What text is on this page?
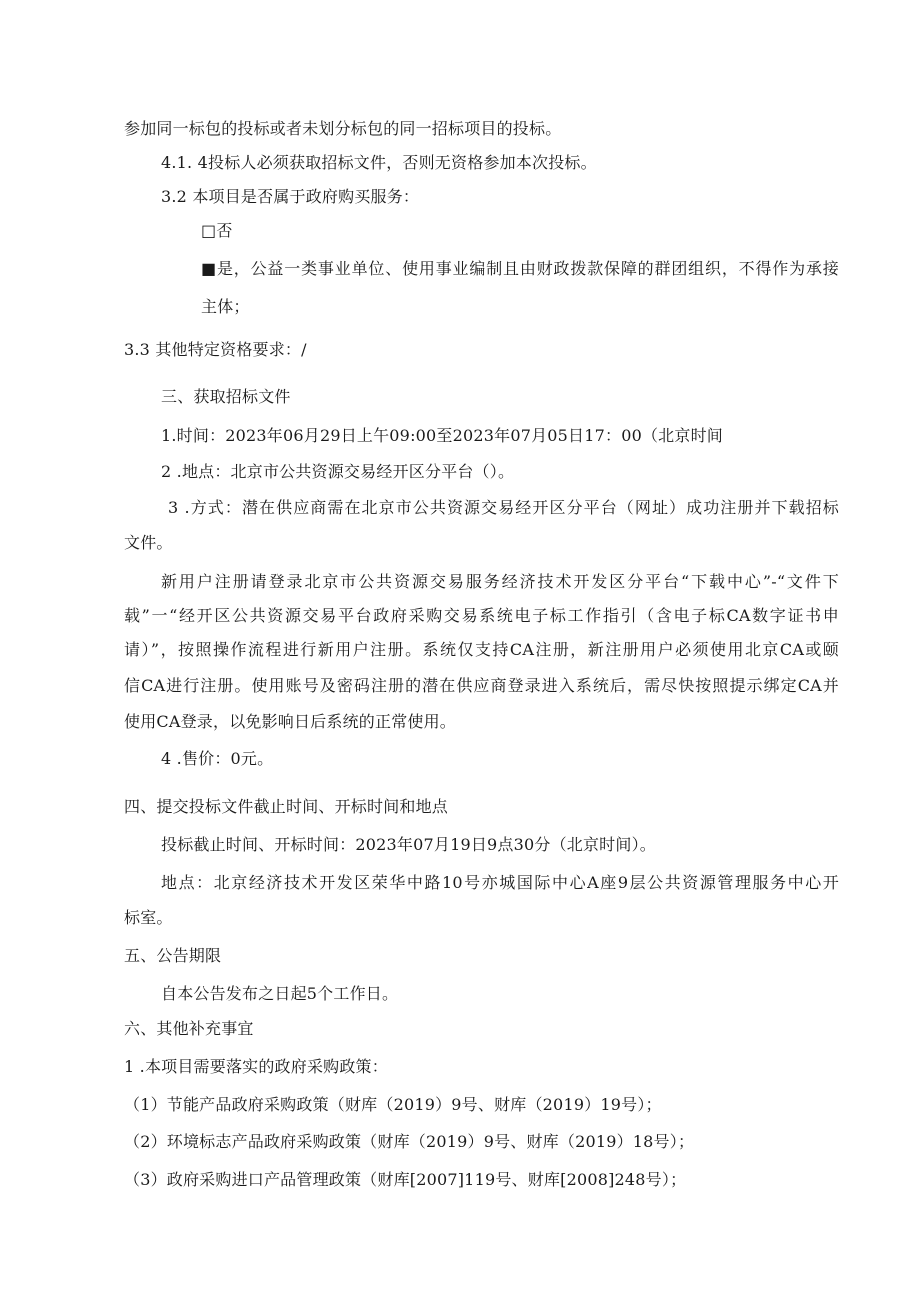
参加同一标包的投标或者未划分标包的同一招标项目的投标。
4.1. 4投标人必须获取招标文件，否则无资格参加本次投标。
3.2 本项目是否属于政府购买服务：
□否
■是，公益一类事业单位、使用事业编制且由财政拨款保障的群团组织，不得作为承接
主体；
3.3 其他特定资格要求：/
三、获取招标文件
1.时间：2023年06月29日上午09:00至2023年07月05日17：00（北京时间
2 .地点：北京市公共资源交易经开区分平台（）。
3 .方式：潜在供应商需在北京市公共资源交易经开区分平台（网址）成功注册并下载招标
文件。
新用户注册请登录北京市公共资源交易服务经济技术开发区分平台“下载中心”-“文件下
载”一“经开区公共资源交易平台政府采购交易系统电子标工作指引（含电子标CA数字证书申
请）”，按照操作流程进行新用户注册。系统仅支持CA注册，新注册用户必须使用北京CA或颐
信CA进行注册。使用账号及密码注册的潜在供应商登录进入系统后，需尽快按照提示绑定CA并
使用CA登录，以免影响日后系统的正常使用。
4 .售价：0元。
四、提交投标文件截止时间、开标时间和地点
投标截止时间、开标时间：2023年07月19日9点30分（北京时间）。
地点：北京经济技术开发区荣华中路10号亦城国际中心A座9层公共资源管理服务中心开
标室。
五、公告期限
自本公告发布之日起5个工作日。
六、其他补充事宜
1 .本项目需要落实的政府采购政策：
（1）节能产品政府采购政策（财库（2019）9号、财库（2019）19号）；
（2）环境标志产品政府采购政策（财库（2019）9号、财库（2019）18号）；
（3）政府采购进口产品管理政策（财库[2007]119号、财库[2008]248号）；
